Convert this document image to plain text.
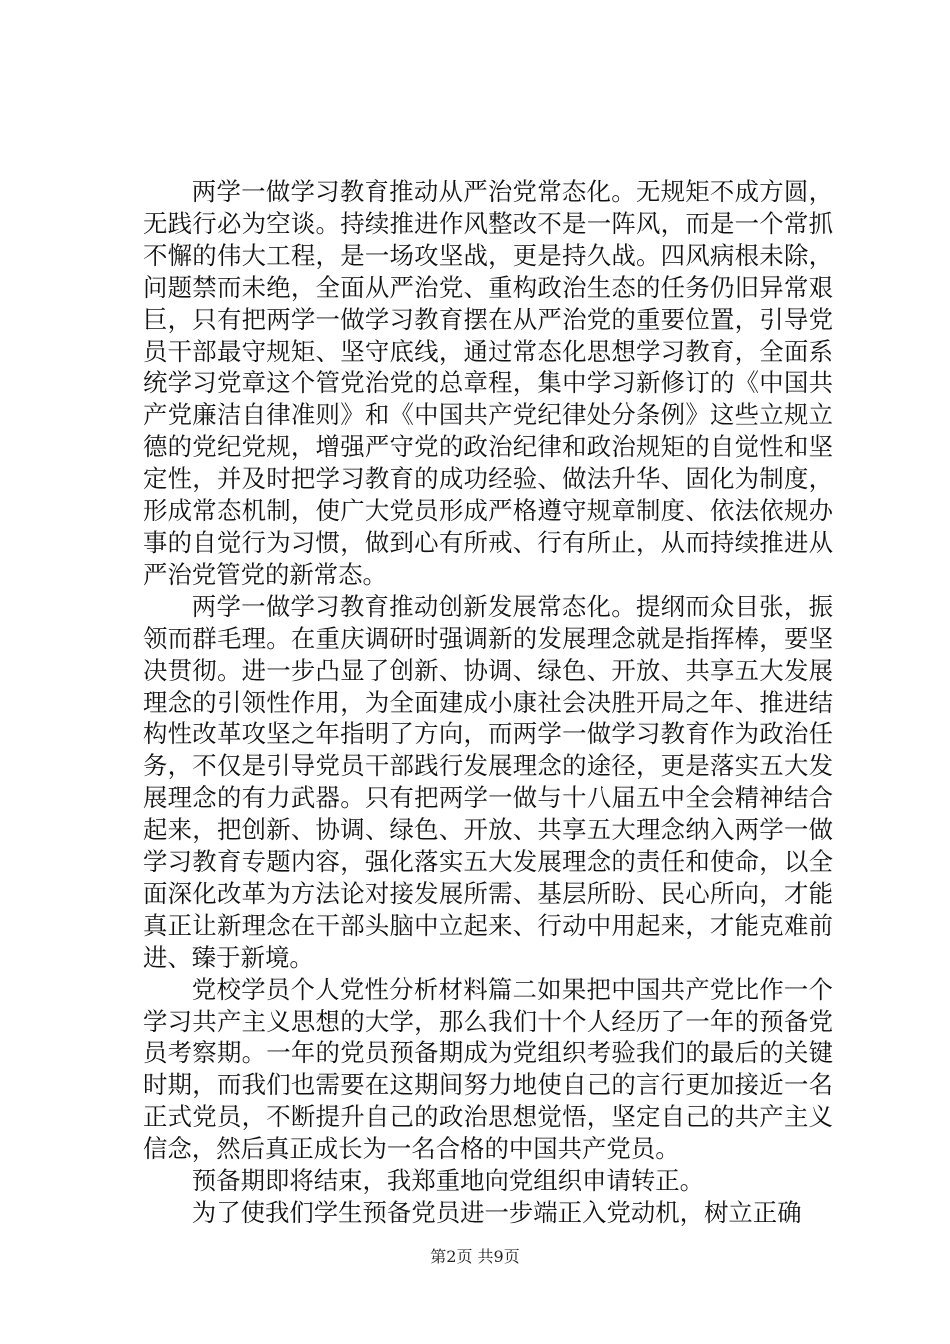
两学一做学习教育推动从严治党常态化。无规矩不成方圆，无践行必为空谈。持续推进作风整改不是一阵风，而是一个常抓不懈的伟大工程，是一场攻坚战，更是持久战。四风病根未除，问题禁而未绝，全面从严治党、重构政治生态的任务仍旧异常艰巨，只有把两学一做学习教育摆在从严治党的重要位置，引导党员干部最守规矩、坚守底线，通过常态化思想学习教育，全面系统学习党章这个管党治党的总章程，集中学习新修订的《中国共产党廉洁自律准则》和《中国共产党纪律处分条例》这些立规立德的党纪党规，增强严守党的政治纪律和政治规矩的自觉性和坚定性，并及时把学习教育的成功经验、做法升华、固化为制度，形成常态机制，使广大党员形成严格遵守规章制度、依法依规办事的自觉行为习惯，做到心有所戒、行有所止，从而持续推进从严治党管党的新常态。

两学一做学习教育推动创新发展常态化。提纲而众目张，振领而群毛理。在重庆调研时强调新的发展理念就是指挥棒，要坚决贯彻。进一步凸显了创新、协调、绿色、开放、共享五大发展理念的引领性作用，为全面建成小康社会决胜开局之年、推进结构性改革攻坚之年指明了方向，而两学一做学习教育作为政治任务，不仅是引导党员干部践行发展理念的途径，更是落实五大发展理念的有力武器。只有把两学一做与十八届五中全会精神结合起来，把创新、协调、绿色、开放、共享五大理念纳入两学一做学习教育专题内容，强化落实五大发展理念的责任和使命，以全面深化改革为方法论对接发展所需、基层所盼、民心所向，才能真正让新理念在干部头脑中立起来、行动中用起来，才能克难前进、臻于新境。

党校学员个人党性分析材料篇二如果把中国共产党比作一个学习共产主义思想的大学，那么我们十个人经历了一年的预备党员考察期。一年的党员预备期成为党组织考验我们的最后的关键时期，而我们也需要在这期间努力地使自己的言行更加接近一名正式党员，不断提升自己的政治思想觉悟，坚定自己的共产主义信念，然后真正成长为一名合格的中国共产党员。

预备期即将结束，我郑重地向党组织申请转正。

为了使我们学生预备党员进一步端正入党动机，树立正确

第2页 共9页
